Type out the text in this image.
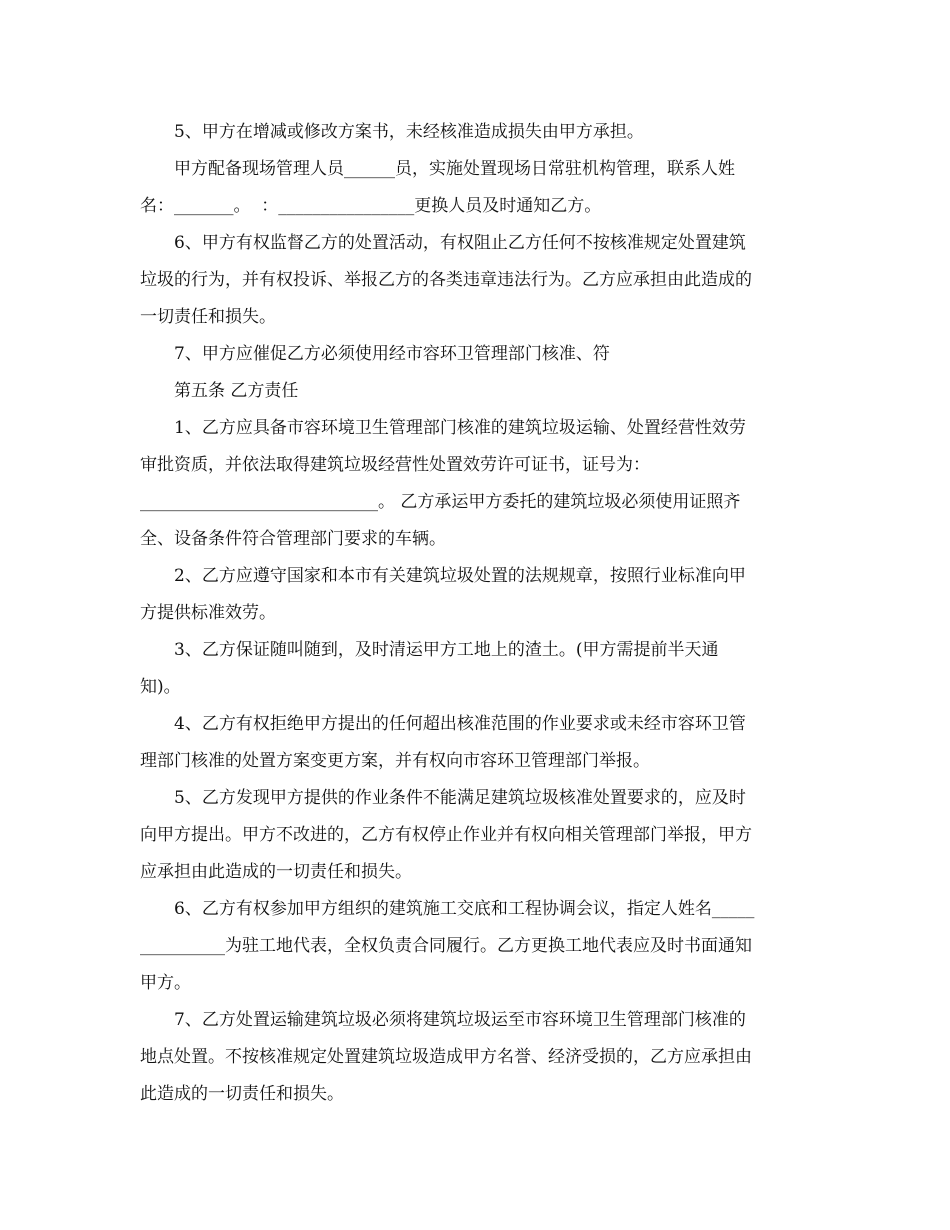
5、甲方在增减或修改方案书，未经核准造成损失由甲方承担。

甲方配备现场管理人员______员，实施处置现场日常驻机构管理，联系人姓
名：_______。  ：________________更换人员及时通知乙方。

6、甲方有权监督乙方的处置活动，有权阻止乙方任何不按核准规定处置建筑
垃圾的行为，并有权投诉、举报乙方的各类违章违法行为。乙方应承担由此造成的
一切责任和损失。

7、甲方应催促乙方必须使用经市容环卫管理部门核准、符

第五条 乙方责任

1、乙方应具备市容环境卫生管理部门核准的建筑垃圾运输、处置经营性效劳
审批资质，并依法取得建筑垃圾经营性处置效劳许可证书，证号为：
____________________________。 乙方承运甲方委托的建筑垃圾必须使用证照齐
全、设备条件符合管理部门要求的车辆。

2、乙方应遵守国家和本市有关建筑垃圾处置的法规规章，按照行业标准向甲
方提供标准效劳。

3、乙方保证随叫随到，及时清运甲方工地上的渣土。(甲方需提前半天通
知)。

4、乙方有权拒绝甲方提出的任何超出核准范围的作业要求或未经市容环卫管
理部门核准的处置方案变更方案，并有权向市容环卫管理部门举报。

5、乙方发现甲方提供的作业条件不能满足建筑垃圾核准处置要求的，应及时
向甲方提出。甲方不改进的，乙方有权停止作业并有权向相关管理部门举报，甲方
应承担由此造成的一切责任和损失。

6、乙方有权参加甲方组织的建筑施工交底和工程协调会议，指定人姓名_____
__________为驻工地代表，全权负责合同履行。乙方更换工地代表应及时书面通知
甲方。

7、乙方处置运输建筑垃圾必须将建筑垃圾运至市容环境卫生管理部门核准的
地点处置。不按核准规定处置建筑垃圾造成甲方名誉、经济受损的，乙方应承担由
此造成的一切责任和损失。
